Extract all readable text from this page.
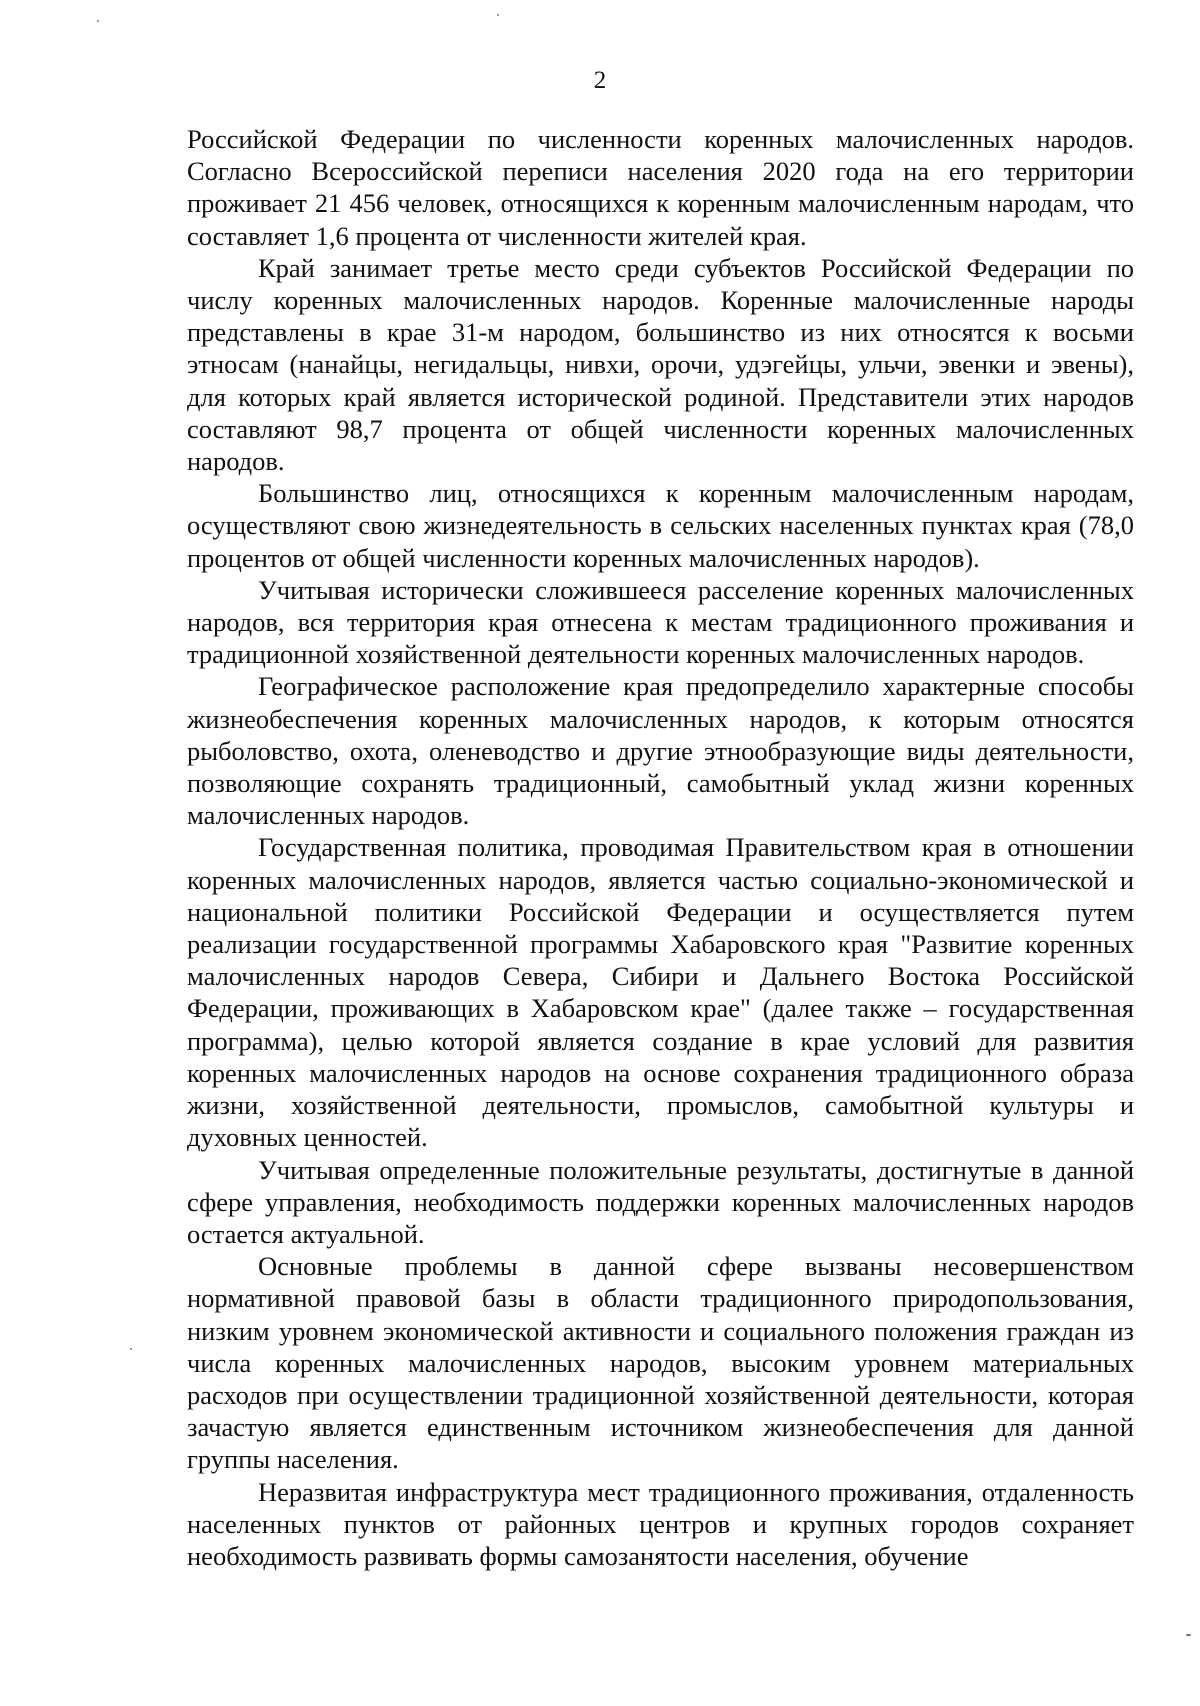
2

Российской Федерации по численности коренных малочисленных народов. Согласно Всероссийской переписи населения 2020 года на его территории проживает 21 456 человек, относящихся к коренным малочисленным народам, что составляет 1,6 процента от численности жителей края.

Край занимает третье место среди субъектов Российской Федерации по числу коренных малочисленных народов. Коренные малочисленные народы представлены в крае 31-м народом, большинство из них относятся к восьми этносам (нанайцы, негидальцы, нивхи, орочи, удэгейцы, ульчи, эвенки и эвены), для которых край является исторической родиной. Представители этих народов составляют 98,7 процента от общей численности коренных малочисленных народов.

Большинство лиц, относящихся к коренным малочисленным народам, осуществляют свою жизнедеятельность в сельских населенных пунктах края (78,0 процентов от общей численности коренных малочисленных народов).

Учитывая исторически сложившееся расселение коренных малочисленных народов, вся территория края отнесена к местам традиционного проживания и традиционной хозяйственной деятельности коренных малочисленных народов.

Географическое расположение края предопределило характерные способы жизнеобеспечения коренных малочисленных народов, к которым относятся рыболовство, охота, оленеводство и другие этнообразующие виды деятельности, позволяющие сохранять традиционный, самобытный уклад жизни коренных малочисленных народов.

Государственная политика, проводимая Правительством края в отношении коренных малочисленных народов, является частью социально-экономической и национальной политики Российской Федерации и осуществляется путем реализации государственной программы Хабаровского края "Развитие коренных малочисленных народов Севера, Сибири и Дальнего Востока Российской Федерации, проживающих в Хабаровском крае" (далее также – государственная программа), целью которой является создание в крае условий для развития коренных малочисленных народов на основе сохранения традиционного образа жизни, хозяйственной деятельности, промыслов, самобытной культуры и духовных ценностей.

Учитывая определенные положительные результаты, достигнутые в данной сфере управления, необходимость поддержки коренных малочисленных народов остается актуальной.

Основные проблемы в данной сфере вызваны несовершенством нормативной правовой базы в области традиционного природопользования, низким уровнем экономической активности и социального положения граждан из числа коренных малочисленных народов, высоким уровнем материальных расходов при осуществлении традиционной хозяйственной деятельности, которая зачастую является единственным источником жизнеобеспечения для данной группы населения.

Неразвитая инфраструктура мест традиционного проживания, отдаленность населенных пунктов от районных центров и крупных городов сохраняет необходимость развивать формы самозанятости населения, обучение
